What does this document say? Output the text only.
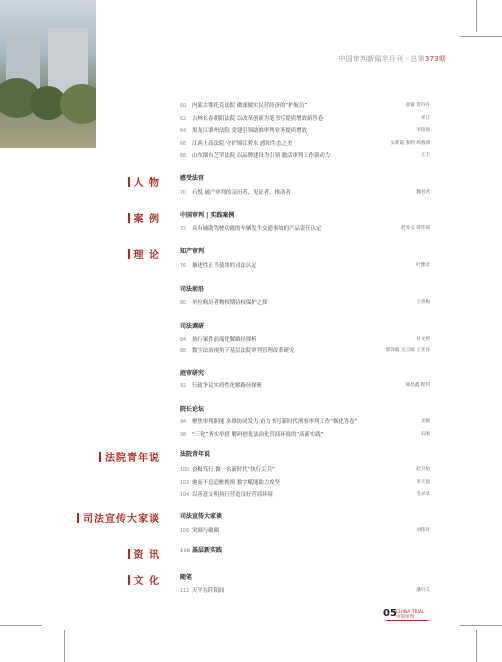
中国审判新闻半月刊 · 总第373期
60 内蒙古鄂托克法院 做深做实民营经济的“护航员”	翟蕾 贺丹丹
62 吉林长春朝阳法院 以改革创新为笔书写提质增效新答卷	李江
64 黑龙江肇州法院 党建引领助推审判业务提质增效	李铭扬
66 江西上高法院 守护锦江碧水 感知生态之美	吴莉霞 张明 周燕洲
68 山东烟台芝罘法院 以品牌建设为引领 激活审判工作新动力	王丰
人 物
案 例
理 论
法院青年说
司法宣传大家谈
资 讯
文 化
感受法官
70 石悦 破产审判的亲历者、见证者、推动者	魏君君
中国审判 | 实践案例
72 具有辅助驾驶功能的车辆发生交通事故的产品责任认定	赵乔义 韩华荷
知产审判
76 描述性正当使用的司法认定	叶雅奇
司法前沿
80 单位购房者物权期待权保护之探	王青梅
司法调研
84 执行案件前端化解路径探析	付文婷
88 数字法治视角下基层法院审判管理改革研究	郭泽毅 吴云嫣 王亚泽
庭审研究
92 行政争议实质性化解路径探析	韩昌鑫 程邦
院长论坛
94 聚焦审判职能 多维协同发力 奋力书写新时代刑事审判工作“枫化答卷”	龙敏
98 “三化”务实举措 解码创优法治化营商环境的“高新实践”	石刚
法院青年说
100 奋楫笃行 做一名新时代“执行尖兵”	赵卫拍
102 驰而不息追赃挽损 数字赋能助力攻坚	李天骑
104 以善意文明执行营造良好营商环境	毛录录
司法宣传大家谈
106 突围与破圈	刘伟亮
110 基层新实践
随笔
112 天平在阡陌间	潘贝义
05 CHINA TRIAL
中国审判
